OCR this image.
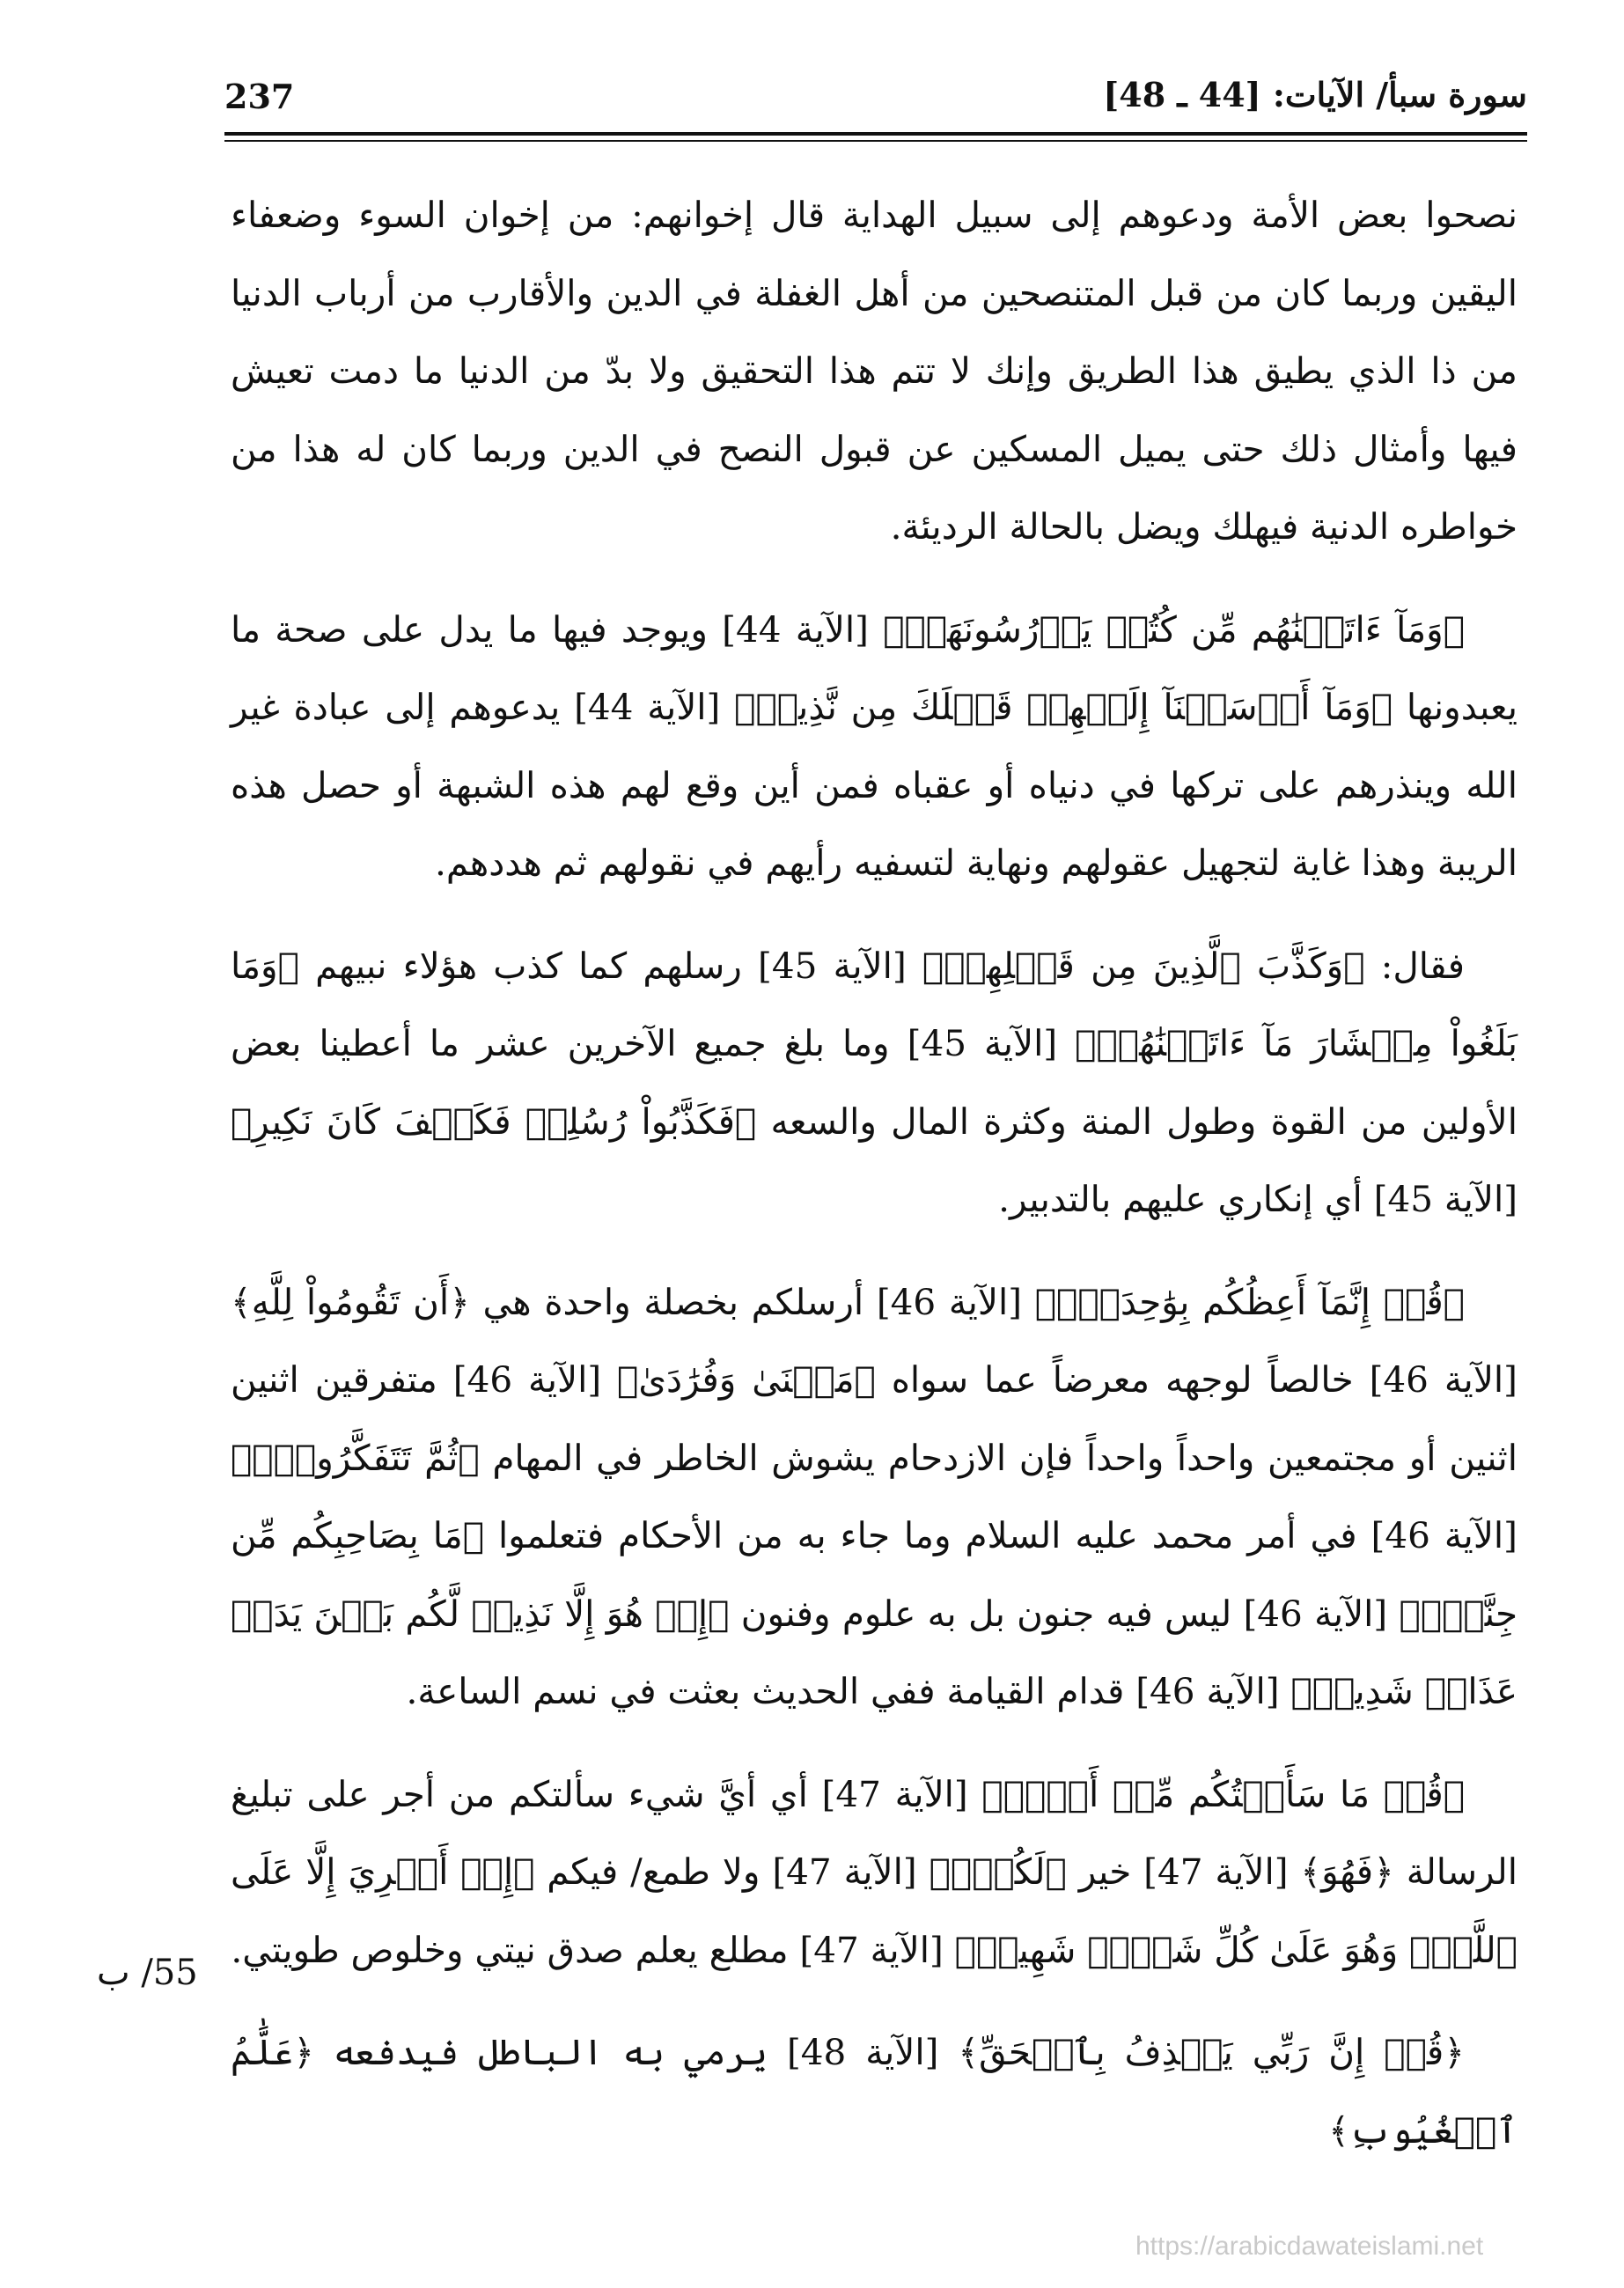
سورة سبأ/ الآيات: [44 ـ 48]
237

نصحوا بعض الأمة ودعوهم إلى سبيل الهداية قال إخوانهم: من إخوان السوء وضعفاء اليقين وربما كان من قبل المتنصحين من أهل الغفلة في الدين والأقارب من أرباب الدنيا من ذا الذي يطيق هذا الطريق وإنك لا تتم هذا التحقيق ولا بدّ من الدنيا ما دمت تعيش فيها وأمثال ذلك حتى يميل المسكين عن قبول النصح في الدين وربما كان له هذا من خواطره الدنية فيهلك ويضل بالحالة الرديئة.

﴿وَمَآ ءَاتَيۡنَٰهُم مِّن كُتُبٖ يَدۡرُسُونَهَاۖ﴾ [الآية 44] ويوجد فيها ما يدل على صحة ما يعبدونها ﴿وَمَآ أَرۡسَلۡنَآ إِلَيۡهِمۡ قَبۡلَكَ مِن نَّذِيرٖ﴾ [الآية 44] يدعوهم إلى عبادة غير الله وينذرهم على تركها في دنياه أو عقباه فمن أين وقع لهم هذه الشبهة أو حصل هذه الريبة وهذا غاية لتجهيل عقولهم ونهاية لتسفيه رأيهم في نقولهم ثم هددهم.

فقال: ﴿وَكَذَّبَ ٱلَّذِينَ مِن قَبۡلِهِمۡ﴾ [الآية 45] رسلهم كما كذب هؤلاء نبيهم ﴿وَمَا بَلَغُواْ مِعۡشَارَ مَآ ءَاتَيۡنَٰهُمۡ﴾ [الآية 45] وما بلغ جميع الآخرين عشر ما أعطينا بعض الأولين من القوة وطول المنة وكثرة المال والسعه ﴿فَكَذَّبُواْ رُسُلِيۖ فَكَيۡفَ كَانَ نَكِيرِ﴾ [الآية 45] أي إنكاري عليهم بالتدبير.

﴿قُلۡ إِنَّمَآ أَعِظُكُم بِوَٰحِدَةٍۖ﴾ [الآية 46] أرسلكم بخصلة واحدة هي ﴿أَن تَقُومُواْ لِلَّهِ﴾ [الآية 46] خالصاً لوجهه معرضاً عما سواه ﴿مَثۡنَىٰ وَفُرَٰدَىٰ﴾ [الآية 46] متفرقين اثنين اثنين أو مجتمعين واحداً واحداً فإن الازدحام يشوش الخاطر في المهام ﴿ثُمَّ تَتَفَكَّرُواْۚ﴾ [الآية 46] في أمر محمد عليه السلام وما جاء به من الأحكام فتعلموا ﴿مَا بِصَاحِبِكُم مِّن جِنَّةٍۚ﴾ [الآية 46] ليس فيه جنون بل به علوم وفنون ﴿إِنۡ هُوَ إِلَّا نَذِيرٞ لَّكُم بَيۡنَ يَدَيۡ عَذَابٖ شَدِيدٖ﴾ [الآية 46] قدام القيامة ففي الحديث بعثت في نسم الساعة.

﴿قُلۡ مَا سَأَلۡتُكُم مِّنۡ أَجۡرٖ﴾ [الآية 47] أي أيَّ شيء سألتكم من أجر على تبليغ الرسالة ﴿فَهُوَ﴾ [الآية 47] خير ﴿لَكُمۡۖ﴾ [الآية 47] ولا طمع/ فيكم ﴿إِنۡ أَجۡرِيَ إِلَّا عَلَى ٱللَّهِۖ وَهُوَ عَلَىٰ كُلِّ شَيۡءٖ شَهِيدٞ﴾ [الآية 47] مطلع يعلم صدق نيتي وخلوص طويتي.

﴿قُلۡ إِنَّ رَبِّي يَقۡذِفُ بِٱلۡحَقِّ﴾ [الآية 48] يرمي به الباطل فيدفعه ﴿عَلَّٰمُ ٱلۡغُيُوبِ﴾

55/ ب
https://arabicdawateislami.net
